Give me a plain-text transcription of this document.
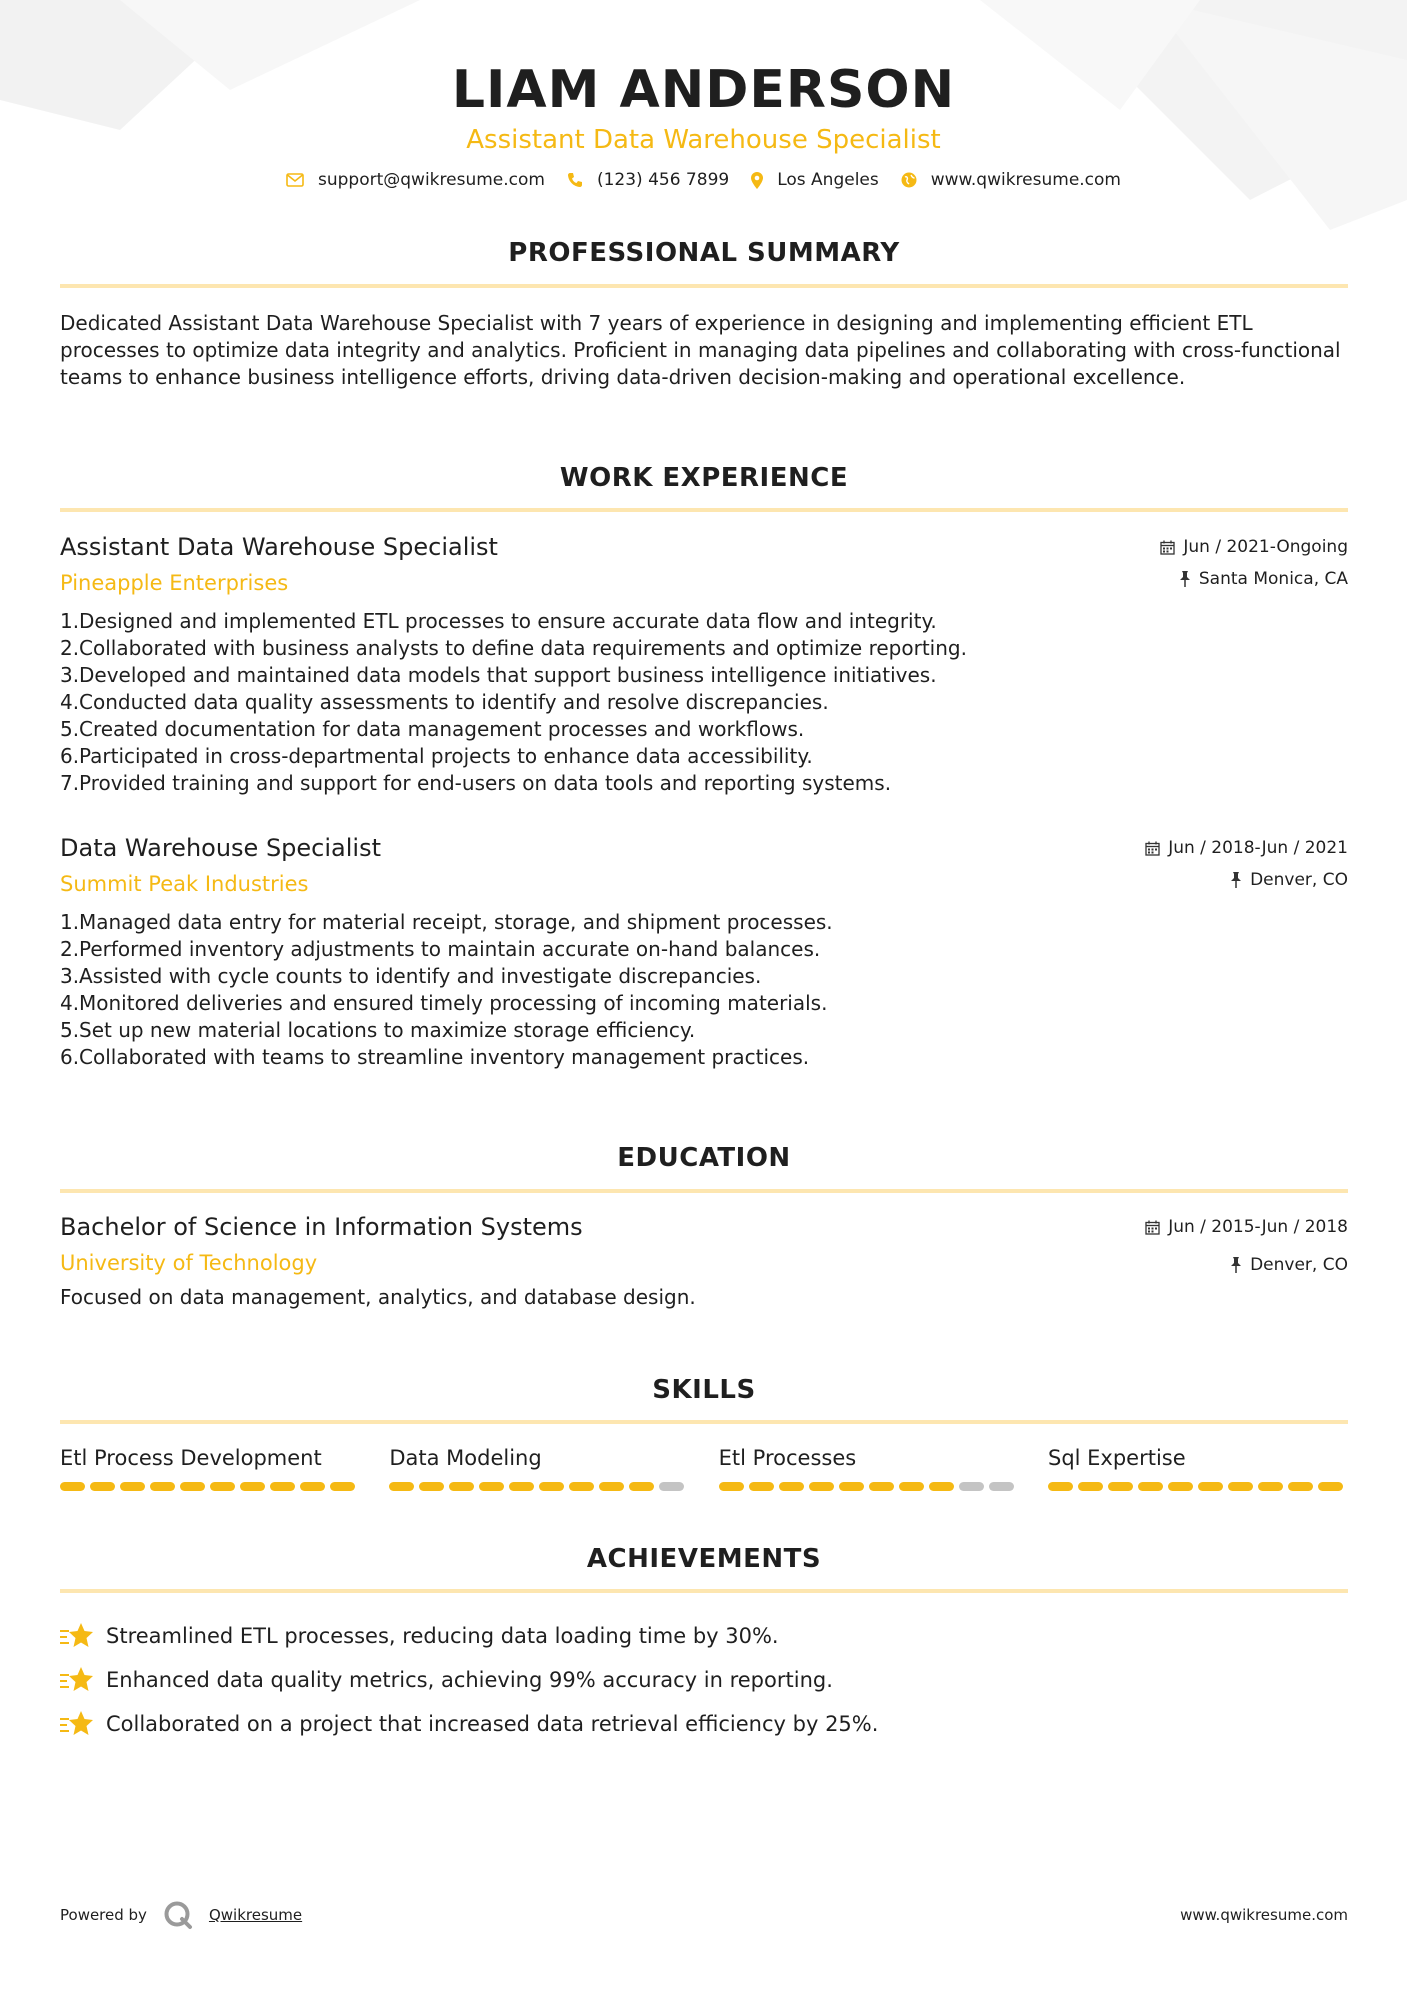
LIAM ANDERSON
Assistant Data Warehouse Specialist
support@qwikresume.com	(123) 456 7899	Los Angeles	www.qwikresume.com
PROFESSIONAL SUMMARY

Dedicated Assistant Data Warehouse Specialist with 7 years of experience in designing and implementing efficient ETL processes to optimize data integrity and analytics. Proficient in managing data pipelines and collaborating with cross-functional teams to enhance business intelligence efforts, driving data-driven decision-making and operational excellence.

WORK EXPERIENCE
Assistant Data Warehouse Specialist
Pineapple Enterprises
Jun / 2021-Ongoing
Santa Monica, CA
1. Designed and implemented ETL processes to ensure accurate data flow and integrity.
2. Collaborated with business analysts to define data requirements and optimize reporting.
3. Developed and maintained data models that support business intelligence initiatives.
4. Conducted data quality assessments to identify and resolve discrepancies.
5. Created documentation for data management processes and workflows.
6. Participated in cross-departmental projects to enhance data accessibility.
7. Provided training and support for end-users on data tools and reporting systems.
Data Warehouse Specialist
Summit Peak Industries
Jun / 2018-Jun / 2021
Denver, CO
1. Managed data entry for material receipt, storage, and shipment processes.
2. Performed inventory adjustments to maintain accurate on-hand balances.
3. Assisted with cycle counts to identify and investigate discrepancies.
4. Monitored deliveries and ensured timely processing of incoming materials.
5. Set up new material locations to maximize storage efficiency.
6. Collaborated with teams to streamline inventory management practices.
EDUCATION
Bachelor of Science in Information Systems
University of Technology
Jun / 2015-Jun / 2018
Denver, CO

Focused on data management, analytics, and database design.

SKILLS
Etl Process Development	Data Modeling	Etl Processes	Sql Expertise
ACHIEVEMENTS
Streamlined ETL processes, reducing data loading time by 30%.
Enhanced data quality metrics, achieving 99% accuracy in reporting.
Collaborated on a project that increased data retrieval efficiency by 25%.
Powered by	Qwikresume	www.qwikresume.com
